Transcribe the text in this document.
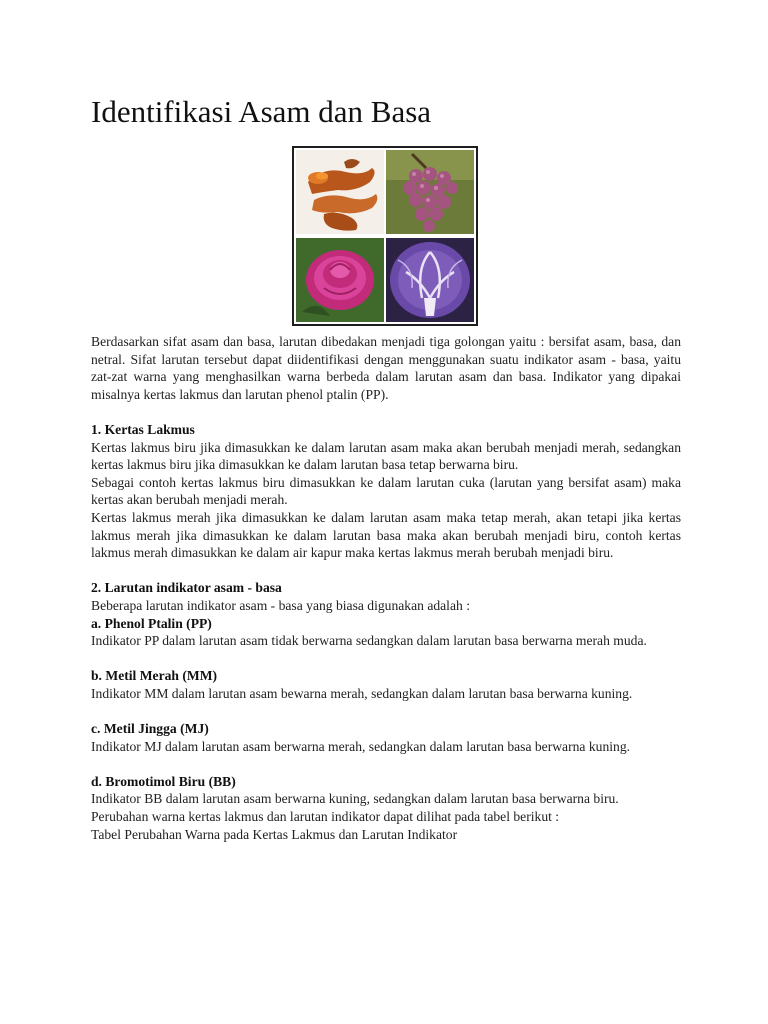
Identifikasi Asam dan Basa

Berdasarkan sifat asam dan basa, larutan dibedakan menjadi tiga golongan yaitu : bersifat asam, basa, dan netral. Sifat larutan tersebut dapat diidentifikasi dengan menggunakan suatu indikator asam - basa, yaitu zat-zat warna yang menghasilkan warna berbeda dalam larutan asam dan basa. Indikator yang dipakai misalnya kertas lakmus dan larutan phenol ptalin (PP).

1. Kertas Lakmus

Kertas lakmus biru jika dimasukkan ke dalam larutan asam maka akan berubah menjadi merah, sedangkan kertas lakmus biru jika dimasukkan ke dalam larutan basa tetap berwarna biru.

Sebagai contoh kertas lakmus biru dimasukkan ke dalam larutan cuka (larutan yang bersifat asam) maka kertas akan berubah menjadi merah.

Kertas lakmus merah jika dimasukkan ke dalam larutan asam maka tetap merah, akan tetapi jika kertas lakmus merah jika dimasukkan ke dalam larutan basa maka akan berubah menjadi biru, contoh kertas lakmus merah dimasukkan ke dalam air kapur maka kertas lakmus merah berubah menjadi biru.

2. Larutan indikator asam - basa

Beberapa larutan indikator asam - basa yang biasa digunakan adalah :

a. Phenol Ptalin (PP)

Indikator PP dalam larutan asam tidak berwarna sedangkan dalam larutan basa berwarna merah muda.

b. Metil Merah (MM)

Indikator MM dalam larutan asam bewarna merah, sedangkan dalam larutan basa berwarna kuning.

c. Metil Jingga (MJ)

Indikator MJ dalam larutan asam berwarna merah, sedangkan dalam larutan basa berwarna kuning.

d. Bromotimol Biru (BB)

Indikator BB dalam larutan asam berwarna kuning, sedangkan dalam larutan basa berwarna biru.

Perubahan warna kertas lakmus dan larutan indikator dapat dilihat pada tabel berikut :

Tabel Perubahan Warna pada Kertas Lakmus dan Larutan Indikator
